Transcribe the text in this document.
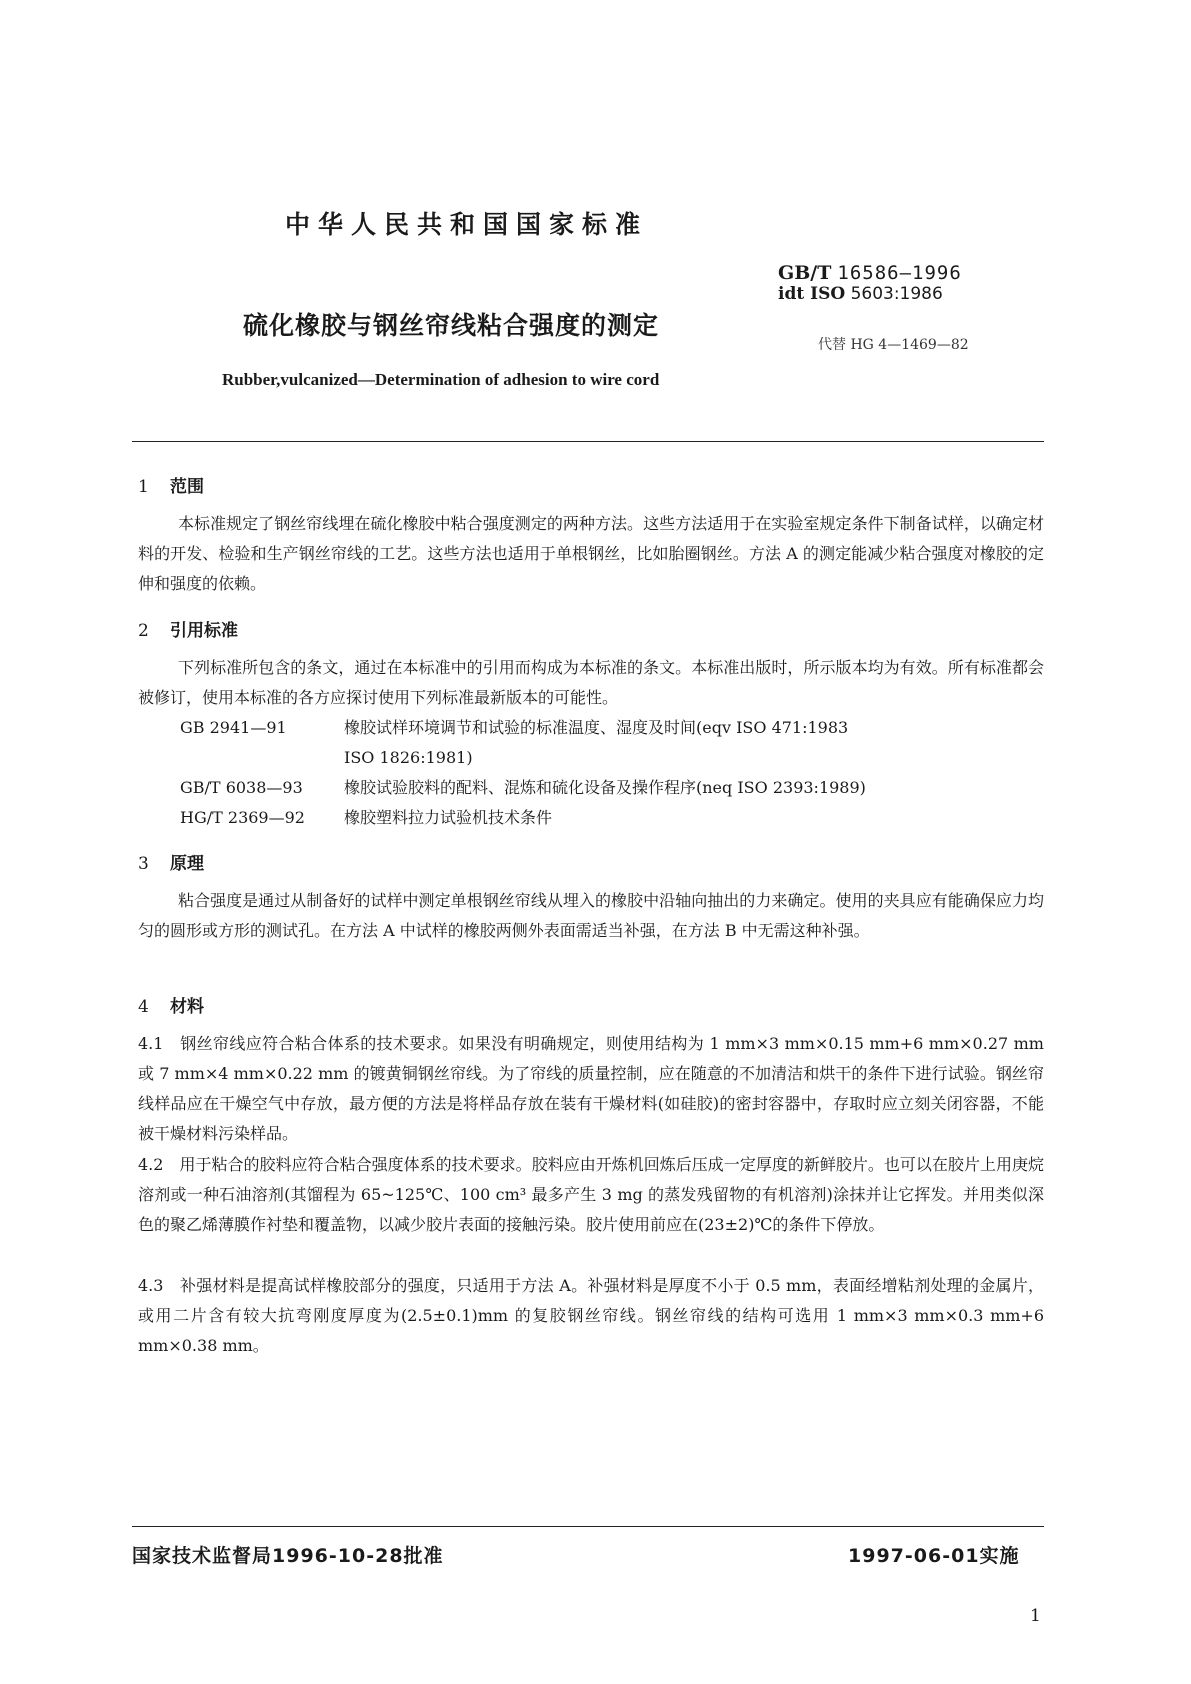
中华人民共和国国家标准
GB/T 16586—1996
idt ISO 5603:1986
硫化橡胶与钢丝帘线粘合强度的测定
代替 HG 4—1469—82
Rubber,vulcanized—Determination of adhesion to wire cord
1 范围

本标准规定了钢丝帘线埋在硫化橡胶中粘合强度测定的两种方法。这些方法适用于在实验室规定条件下制备试样，以确定材料的开发、检验和生产钢丝帘线的工艺。这些方法也适用于单根钢丝，比如胎圈钢丝。方法 A 的测定能减少粘合强度对橡胶的定伸和强度的依赖。

2 引用标准

下列标准所包含的条文，通过在本标准中的引用而构成为本标准的条文。本标准出版时，所示版本均为有效。所有标准都会被修订，使用本标准的各方应探讨使用下列标准最新版本的可能性。

GB 2941—91	橡胶试样环境调节和试验的标准温度、湿度及时间(eqv ISO 471:1983
ISO 1826:1981)
GB/T 6038—93	橡胶试验胶料的配料、混炼和硫化设备及操作程序(neq ISO 2393:1989)
HG/T 2369—92 橡胶塑料拉力试验机技术条件
3 原理

粘合强度是通过从制备好的试样中测定单根钢丝帘线从埋入的橡胶中沿轴向抽出的力来确定。使用的夹具应有能确保应力均匀的圆形或方形的测试孔。在方法 A 中试样的橡胶两侧外表面需适当补强，在方法 B 中无需这种补强。

4 材料

4.1　 钢丝帘线应符合粘合体系的技术要求。如果没有明确规定，则使用结构为 1 mm×3 mm×0.15 mm+6 mm×0.27 mm 或 7 mm×4 mm×0.22 mm 的镀黄铜钢丝帘线。为了帘线的质量控制，应在随意的不加清洁和烘干的条件下进行试验。钢丝帘线样品应在干燥空气中存放，最方便的方法是将样品存放在装有干燥材料(如硅胶)的密封容器中，存取时应立刻关闭容器，不能被干燥材料污染样品。

4.2　 用于粘合的胶料应符合粘合强度体系的技术要求。胶料应由开炼机回炼后压成一定厚度的新鲜胶片。也可以在胶片上用庚烷溶剂或一种石油溶剂(其馏程为 65~125℃、100 cm³ 最多产生 3 mg 的蒸发残留物的有机溶剂)涂抹并让它挥发。并用类似深色的聚乙烯薄膜作衬垫和覆盖物，以减少胶片表面的接触污染。胶片使用前应在(23±2)℃的条件下停放。

4.3　 补强材料是提高试样橡胶部分的强度，只适用于方法 A。补强材料是厚度不小于 0.5 mm，表面经增粘剂处理的金属片，或用二片含有较大抗弯刚度厚度为(2.5±0.1)mm 的复胶钢丝帘线。钢丝帘线的结构可选用 1 mm×3 mm×0.3 mm+6 mm×0.38 mm。

国家技术监督局1996-10-28批准	1997-06-01实施
1
